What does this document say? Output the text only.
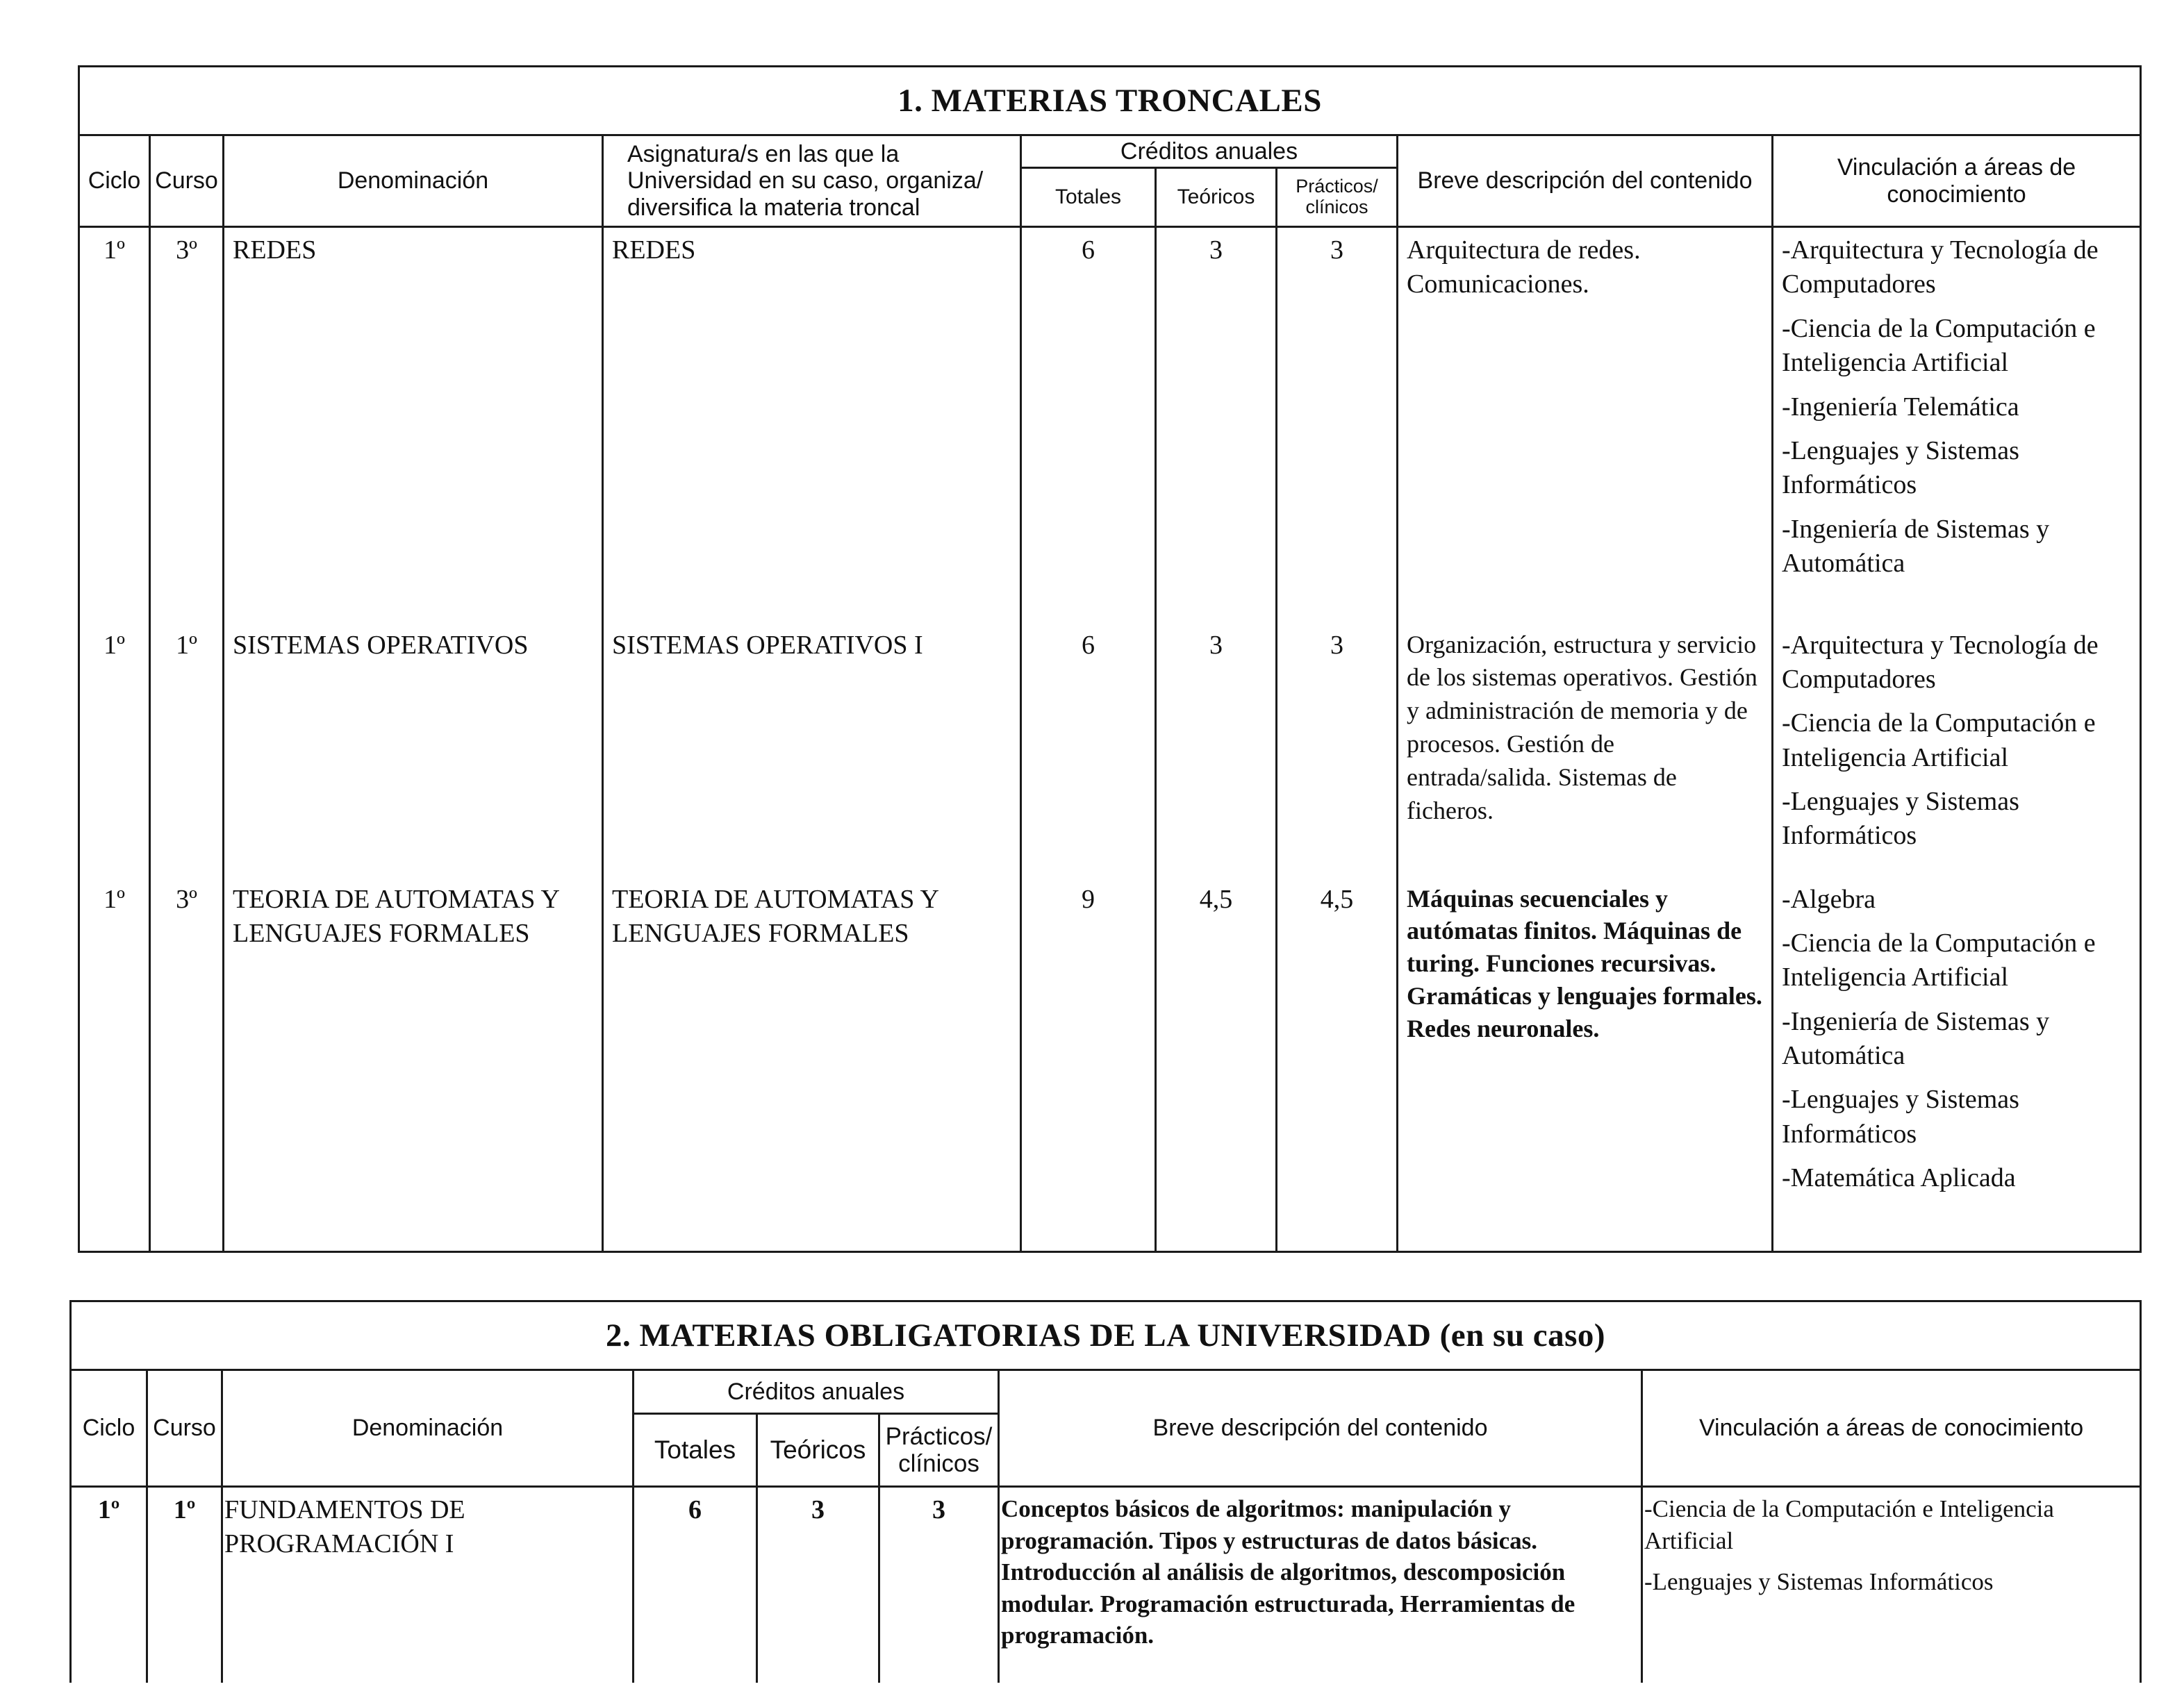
1. MATERIAS TRONCALES								
Ciclo	Curso	Denominación	Asignatura/s en las que la Universidad en su caso, organiza/ diversifica la materia troncal	Créditos anuales			Breve descripción del contenido	Vinculación a áreas de conocimiento
				Totales	Teóricos	Prácticos/ clínicos		
1º	3º	REDES	REDES	6	3	3	Arquitectura de redes. Comunicaciones.	-Arquitectura y Tecnología de Computadores
-Ciencia de la Computación e Inteligencia Artificial
-Ingeniería Telemática
-Lenguajes y Sistemas Informáticos
-Ingeniería de Sistemas y Automática

1º	1º	SISTEMAS OPERATIVOS	SISTEMAS OPERATIVOS I	6	3	3	Organización, estructura y servicio de los sistemas operativos. Gestión y administración de memoria y de procesos. Gestión de entrada/salida. Sistemas de ficheros.	-Arquitectura y Tecnología de Computadores
-Ciencia de la Computación e Inteligencia Artificial
-Lenguajes y Sistemas Informáticos

1º	3º	TEORIA DE AUTOMATAS Y LENGUAJES FORMALES	TEORIA DE AUTOMATAS Y LENGUAJES FORMALES	9	4,5	4,5	Máquinas secuenciales y autómatas finitos. Máquinas de turing. Funciones recursivas. Gramáticas y lenguajes formales. Redes neuronales.	-Algebra
-Ciencia de la Computación e Inteligencia Artificial
-Ingeniería de Sistemas y Automática
-Lenguajes y Sistemas Informáticos
-Matemática Aplicada
2. MATERIAS OBLIGATORIAS DE LA UNIVERSIDAD (en su caso)							
Ciclo	Curso	Denominación	Créditos anuales			Breve descripción del contenido	Vinculación a áreas de conocimiento
			Totales	Teóricos	Prácticos/ clínicos		
1º	1º	FUNDAMENTOS DE PROGRAMACIÓN I	6	3	3	Conceptos básicos de algoritmos: manipulación y programación. Tipos y estructuras de datos básicas. Introducción al análisis de algoritmos, descomposición modular. Programación estructurada, Herramientas de programación.	-Ciencia de la Computación e Inteligencia Artificial
-Lenguajes y Sistemas Informáticos
